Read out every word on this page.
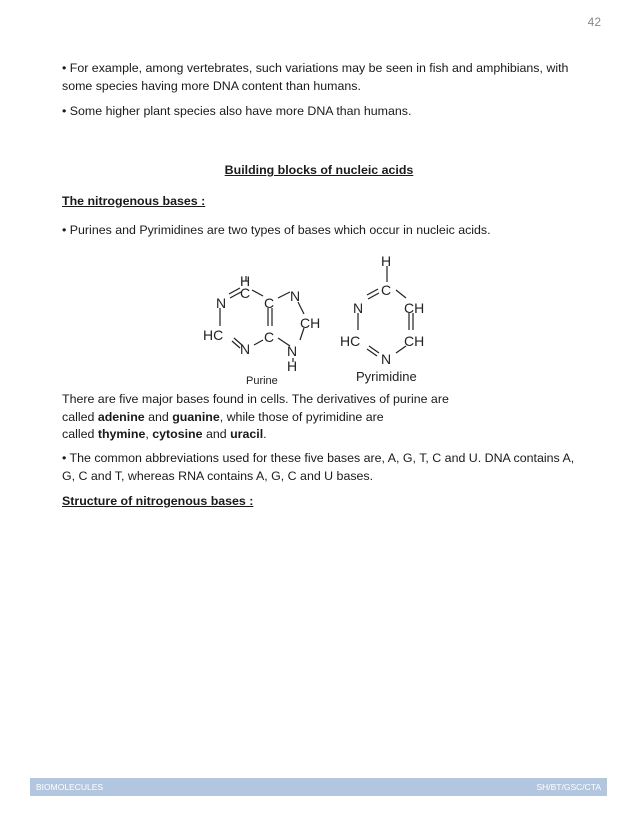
42

• For example, among vertebrates, such variations may be seen in fish and amphibians, with some species having more DNA content than humans.

• Some higher plant species also have more DNA than humans.

Building blocks of nucleic acids
The nitrogenous bases :

• Purines and Pyrimidines are two types of bases which occur in nucleic acids.

H
C
N	C N
CH
HC	C
N	N
H
H
C
N	CH
HC	CH
N
Purine	Pyrimidine

There are five major bases found in cells. The derivatives of purine are
called adenine and guanine, while those of pyrimidine are
called thymine, cytosine and uracil.

• The common abbreviations used for these five bases are, A, G, T, C and U. DNA contains A, G, C and T, whereas RNA contains A, G, C and U bases.

Structure of nitrogenous bases :
BIOMOLECULES	SH/BT/GSC/CTA
